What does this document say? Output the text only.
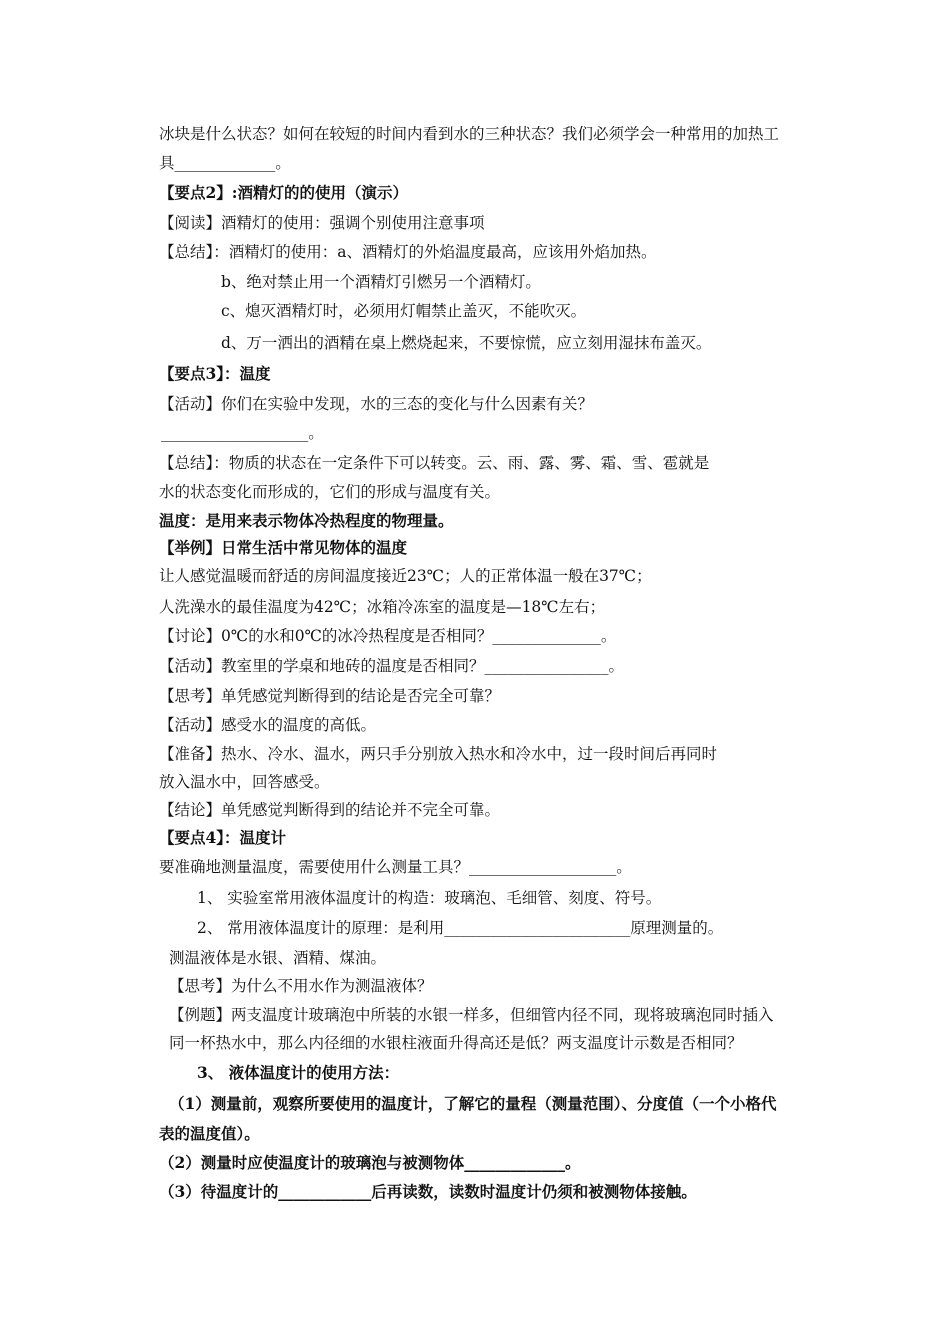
冰块是什么状态？如何在较短的时间内看到水的三种状态？我们必须学会一种常用的加热工
具_____________。
【要点2】:酒精灯的的使用（演示）
【阅读】酒精灯的使用：强调个别使用注意事项
【总结】：酒精灯的使用：a、酒精灯的外焰温度最高，应该用外焰加热。
b、绝对禁止用一个酒精灯引燃另一个酒精灯。
c、熄灭酒精灯时，必须用灯帽禁止盖灭，不能吹灭。
d、万一洒出的酒精在桌上燃烧起来，不要惊慌，应立刻用湿抹布盖灭。
【要点3】：温度
【活动】你们在实验中发现，水的三态的变化与什么因素有关？
___________________。
【总结】：物质的状态在一定条件下可以转变。云、雨、露、雾、霜、雪、雹就是
水的状态变化而形成的，它们的形成与温度有关。
温度：是用来表示物体冷热程度的物理量。
【举例】日常生活中常见物体的温度
让人感觉温暖而舒适的房间温度接近23℃；人的正常体温一般在37℃；
人洗澡水的最佳温度为42℃；冰箱冷冻室的温度是—18℃左右；
【讨论】0℃的水和0℃的冰冷热程度是否相同？______________。
【活动】教室里的学桌和地砖的温度是否相同？________________。
【思考】单凭感觉判断得到的结论是否完全可靠？
【活动】感受水的温度的高低。
【准备】热水、冷水、温水，两只手分别放入热水和冷水中，过一段时间后再同时
放入温水中，回答感受。
【结论】单凭感觉判断得到的结论并不完全可靠。
【要点4】：温度计
要准确地测量温度，需要使用什么测量工具？___________________。
1、 实验室常用液体温度计的构造：玻璃泡、毛细管、刻度、符号。
2、 常用液体温度计的原理：是利用________________________原理测量的。
测温液体是水银、酒精、煤油。
【思考】为什么不用水作为测温液体？
【例题】两支温度计玻璃泡中所装的水银一样多，但细管内径不同，现将玻璃泡同时插入
同一杯热水中，那么内径细的水银柱液面升得高还是低？两支温度计示数是否相同？
3、 液体温度计的使用方法：
（1）测量前，观察所要使用的温度计，了解它的量程（测量范围）、分度值（一个小格代
表的温度值）。
（2）测量时应使温度计的玻璃泡与被测物体_____________。
（3）待温度计的____________后再读数，读数时温度计仍须和被测物体接触。
